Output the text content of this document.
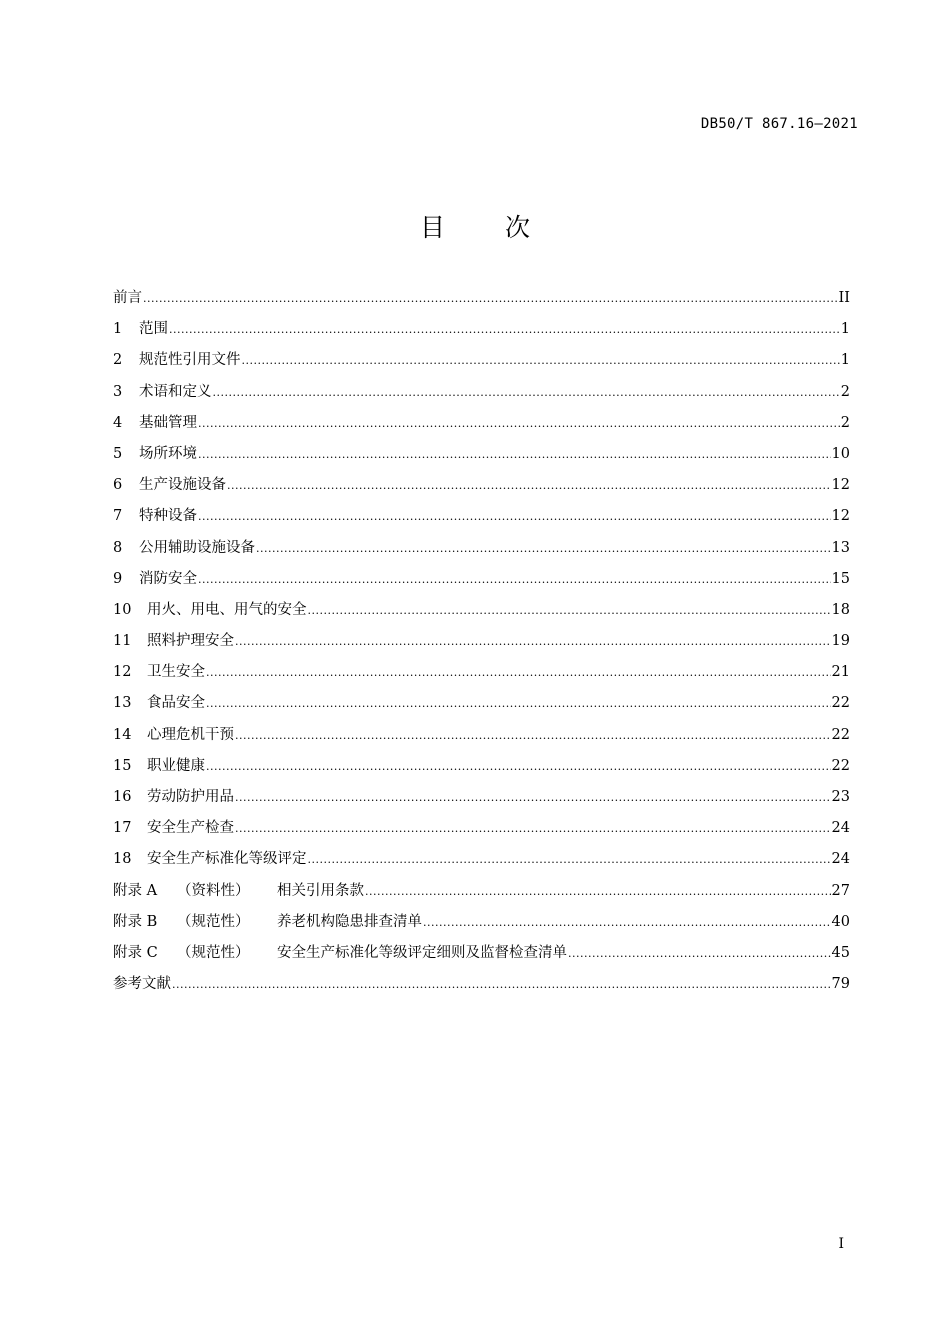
DB50/T 867.16—2021
目 次
前言 .....	II
1	范围 .....	1
2	规范性引用文件 .....	1
3	术语和定义 .....	2
4	基础管理 .....	2
5	场所环境 .....	10
6	生产设施设备 .....	12
7	特种设备 .....	12
8	公用辅助设施设备 .....	13
9	消防安全 .....	15
10	用火、用电、用气的安全 .....	18
11	照料护理安全 .....	19
12	卫生安全 .....	21
13	食品安全 .....	22
14	心理危机干预 .....	22
15	职业健康 .....	22
16	劳动防护用品 .....	23
17	安全生产检查 .....	24
18	安全生产标准化等级评定 .....	24
附录 A	（资料性）	相关引用条款 .....	27
附录 B	（规范性）	养老机构隐患排查清单 .....	40
附录 C	（规范性）	安全生产标准化等级评定细则及监督检查清单 .....	45
参考文献 .....	79
I
